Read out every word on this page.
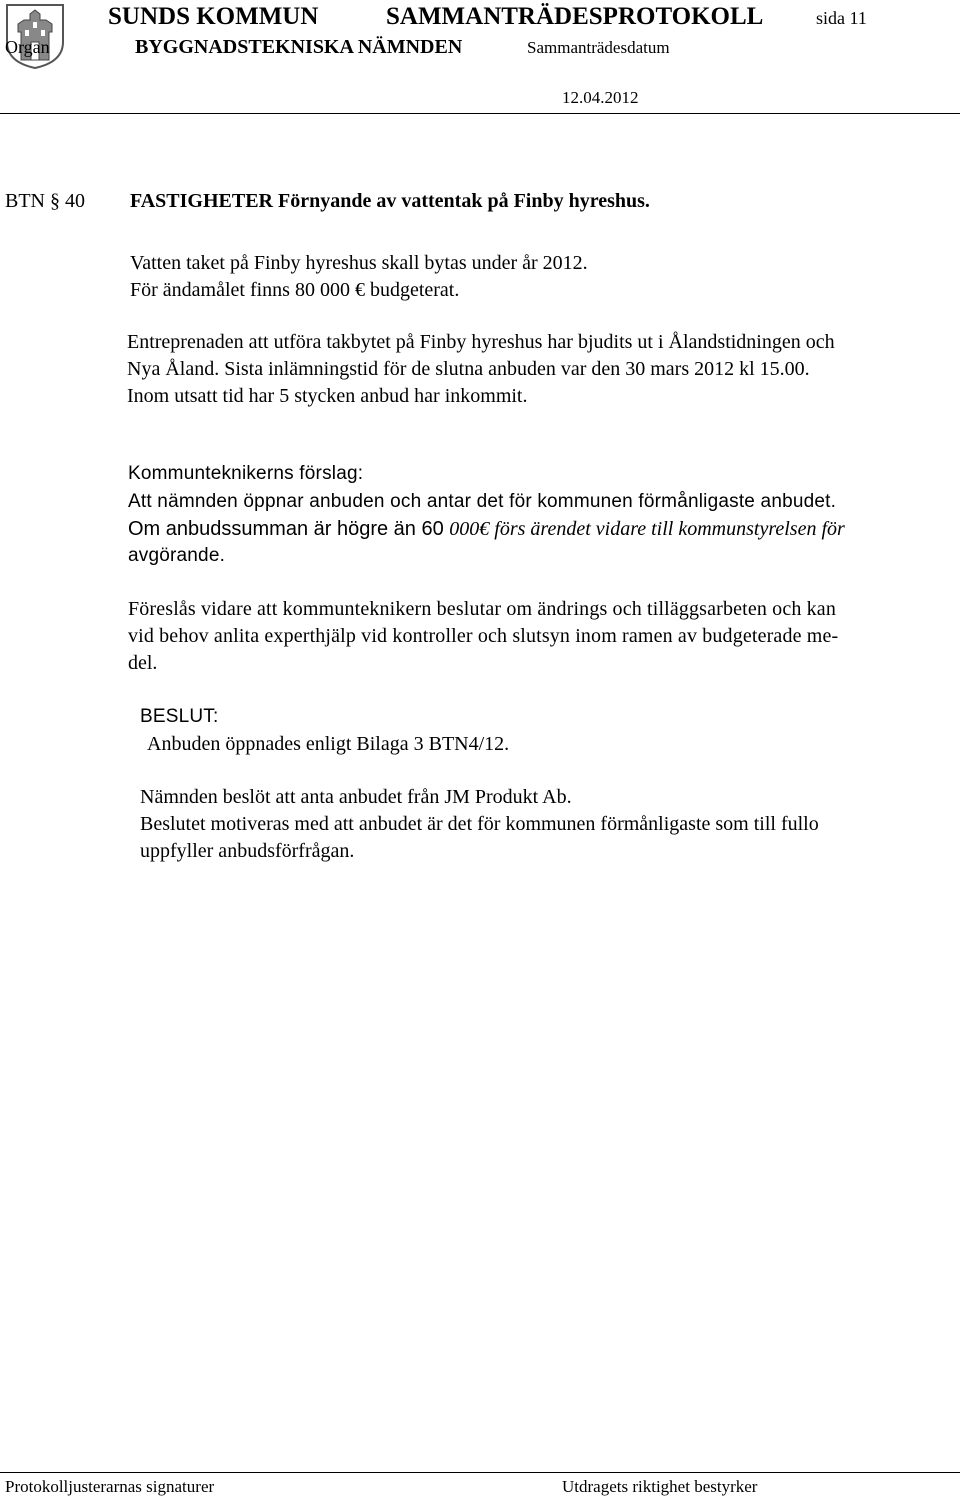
SUNDS KOMMUN	SAMMANTRÄDESPROTOKOLL	sida 11
Organ	BYGGNADSTEKNISKA NÄMNDEN	Sammanträdesdatum
12.04.2012
BTN § 40 FASTIGHETER Förnyande av vattentak på Finby hyreshus.
Vatten taket på Finby hyreshus skall bytas under år 2012.
För ändamålet finns 80 000 € budgeterat.
Entreprenaden att utföra takbytet på Finby hyreshus har bjudits ut i Ålandstidningen och
Nya Åland. Sista inlämningstid för de slutna anbuden var den 30 mars 2012 kl 15.00.
Inom utsatt tid har 5 stycken anbud har inkommit.
Kommunteknikerns förslag:
Att nämnden öppnar anbuden och antar det för kommunen förmånligaste anbudet.
Om anbudssumman är högre än 60 000€ förs ärendet vidare till kommunstyrelsen för
avgörande.
Föreslås vidare att kommunteknikern beslutar om ändrings och tilläggsarbeten och kan
vid behov anlita experthjälp vid kontroller och slutsyn inom ramen av budgeterade me-
del.
BESLUT:
Anbuden öppnades enligt Bilaga 3 BTN4/12.
Nämnden beslöt att anta anbudet från JM Produkt Ab.
Beslutet motiveras med att anbudet är det för kommunen förmånligaste som till fullo
uppfyller anbudsförfrågan.
Protokolljusterarnas signaturer	Utdragets riktighet bestyrker
